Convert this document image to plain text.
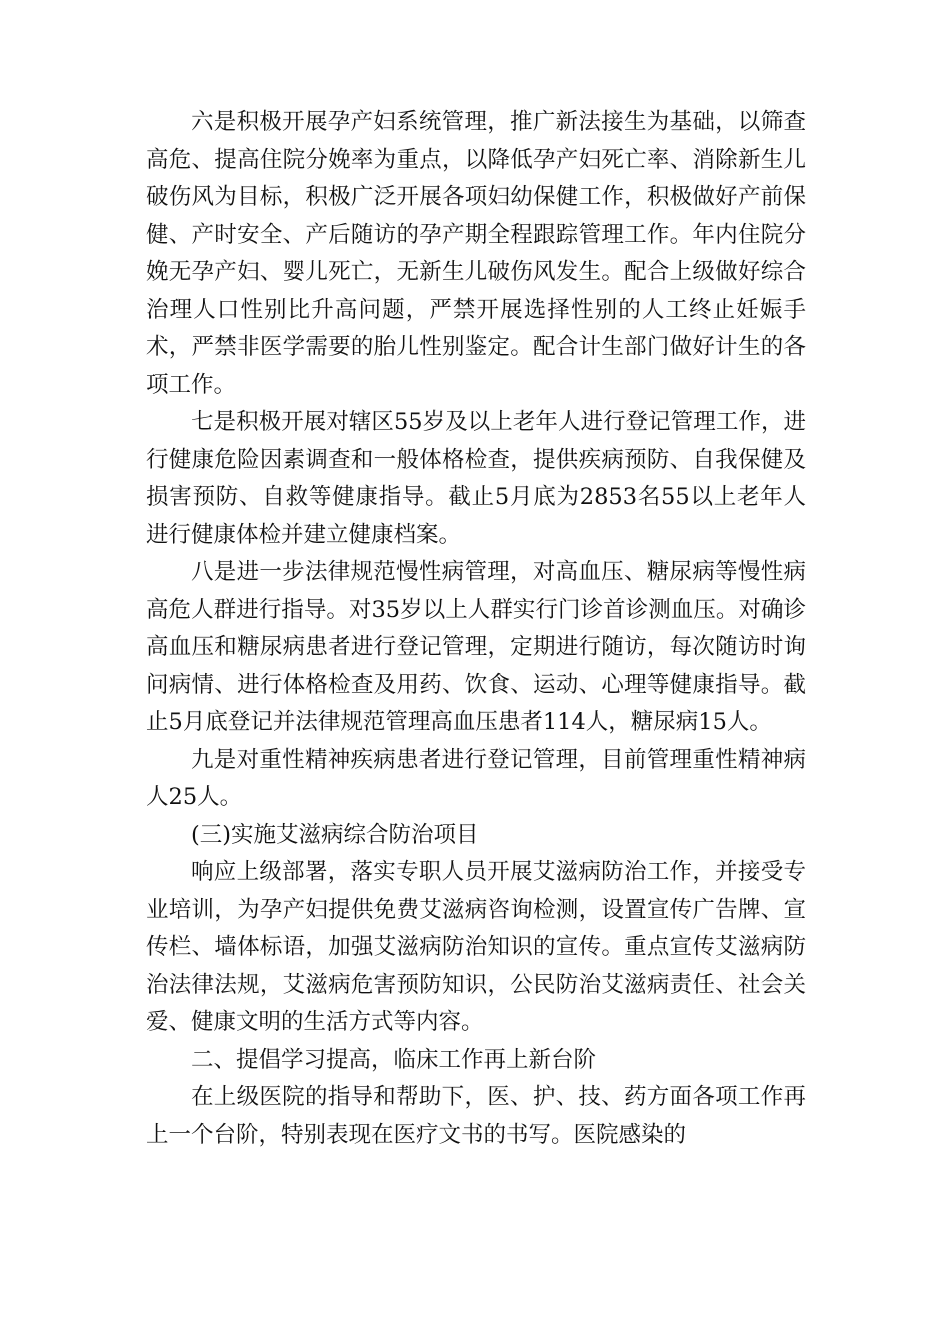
六是积极开展孕产妇系统管理，推广新法接生为基础，以筛查高危、提高住院分娩率为重点，以降低孕产妇死亡率、消除新生儿破伤风为目标，积极广泛开展各项妇幼保健工作，积极做好产前保健、产时安全、产后随访的孕产期全程跟踪管理工作。年内住院分娩无孕产妇、婴儿死亡，无新生儿破伤风发生。配合上级做好综合治理人口性别比升高问题，严禁开展选择性别的人工终止妊娠手术，严禁非医学需要的胎儿性别鉴定。配合计生部门做好计生的各项工作。

七是积极开展对辖区55岁及以上老年人进行登记管理工作，进行健康危险因素调查和一般体格检查，提供疾病预防、自我保健及损害预防、自救等健康指导。截止5月底为2853名55以上老年人进行健康体检并建立健康档案。

八是进一步法律规范慢性病管理，对高血压、糖尿病等慢性病高危人群进行指导。对35岁以上人群实行门诊首诊测血压。对确诊高血压和糖尿病患者进行登记管理，定期进行随访，每次随访时询问病情、进行体格检查及用药、饮食、运动、心理等健康指导。截止5月底登记并法律规范管理高血压患者114人，糖尿病15人。

九是对重性精神疾病患者进行登记管理，目前管理重性精神病人25人。

(三)实施艾滋病综合防治项目

响应上级部署，落实专职人员开展艾滋病防治工作，并接受专业培训，为孕产妇提供免费艾滋病咨询检测，设置宣传广告牌、宣传栏、墙体标语，加强艾滋病防治知识的宣传。重点宣传艾滋病防治法律法规，艾滋病危害预防知识，公民防治艾滋病责任、社会关爱、健康文明的生活方式等内容。

二、提倡学习提高，临床工作再上新台阶

在上级医院的指导和帮助下，医、护、技、药方面各项工作再上一个台阶，特别表现在医疗文书的书写。医院感染的
